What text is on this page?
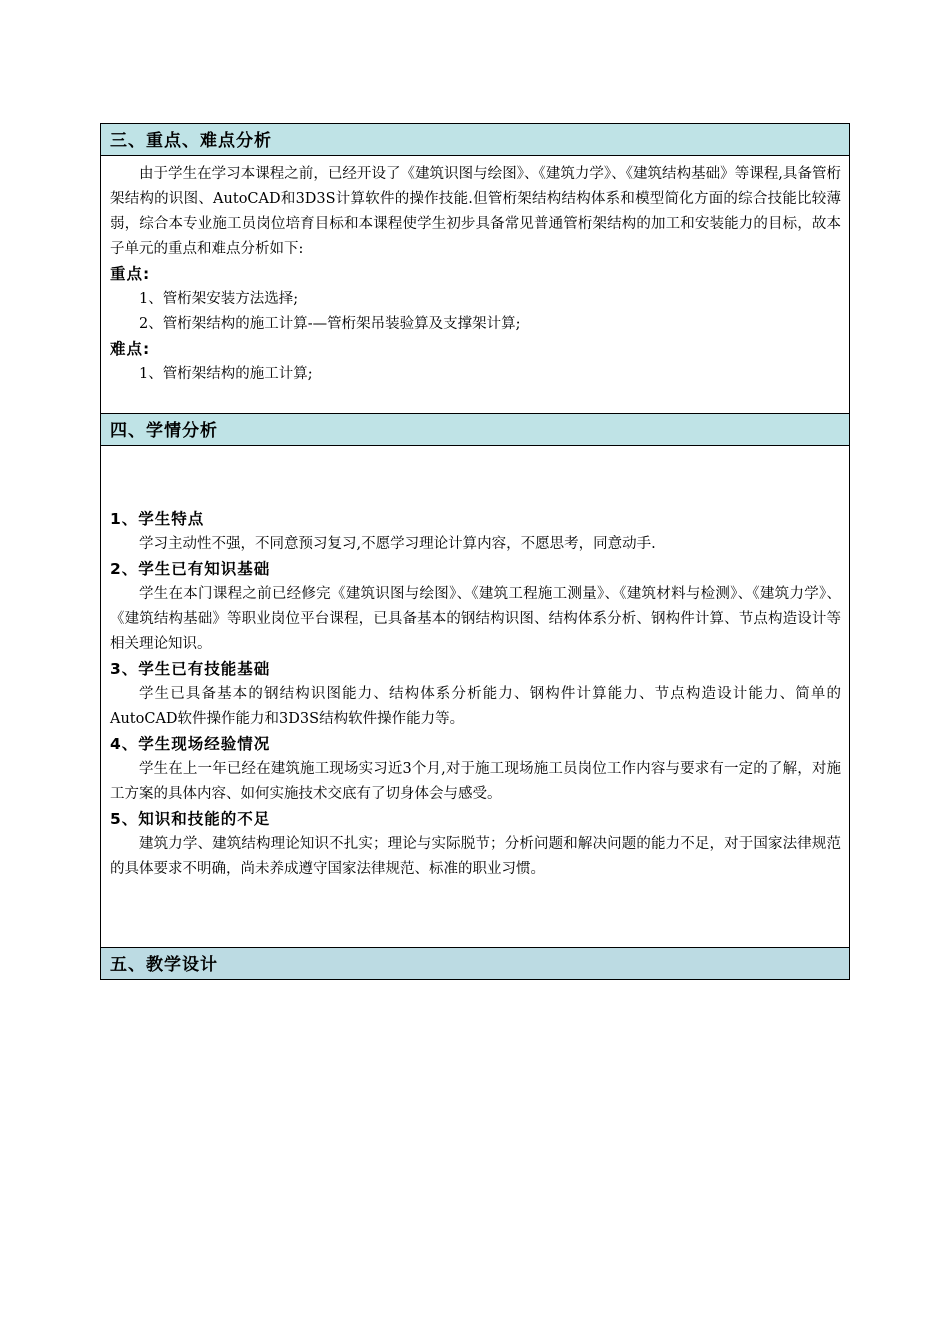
三、重点、难点分析

由于学生在学习本课程之前，已经开设了《建筑识图与绘图》、《建筑力学》、《建筑结构基础》等课程,具备管桁架结构的识图、AutoCAD和3D3S计算软件的操作技能.但管桁架结构结构体系和模型简化方面的综合技能比较薄弱，综合本专业施工员岗位培育目标和本课程使学生初步具备常见普通管桁架结构的加工和安装能力的目标，故本子单元的重点和难点分析如下:

重点:

1、管桁架安装方法选择;

2、管桁架结构的施工计算-—管桁架吊装验算及支撑架计算;

难点:

1、管桁架结构的施工计算;

四、学情分析

1、学生特点

学习主动性不强，不同意预习复习,不愿学习理论计算内容，不愿思考，同意动手.

2、学生已有知识基础

学生在本门课程之前已经修完《建筑识图与绘图》、《建筑工程施工测量》、《建筑材料与检测》、《建筑力学》、《建筑结构基础》等职业岗位平台课程，已具备基本的钢结构识图、结构体系分析、钢构件计算、节点构造设计等相关理论知识。

3、学生已有技能基础

学生已具备基本的钢结构识图能力、结构体系分析能力、钢构件计算能力、节点构造设计能力、简单的AutoCAD软件操作能力和3D3S结构软件操作能力等。

4、学生现场经验情况

学生在上一年已经在建筑施工现场实习近3个月,对于施工现场施工员岗位工作内容与要求有一定的了解，对施工方案的具体内容、如何实施技术交底有了切身体会与感受。

5、知识和技能的不足

建筑力学、建筑结构理论知识不扎实；理论与实际脱节；分析问题和解决问题的能力不足，对于国家法律规范的具体要求不明确，尚未养成遵守国家法律规范、标准的职业习惯。

五、教学设计
